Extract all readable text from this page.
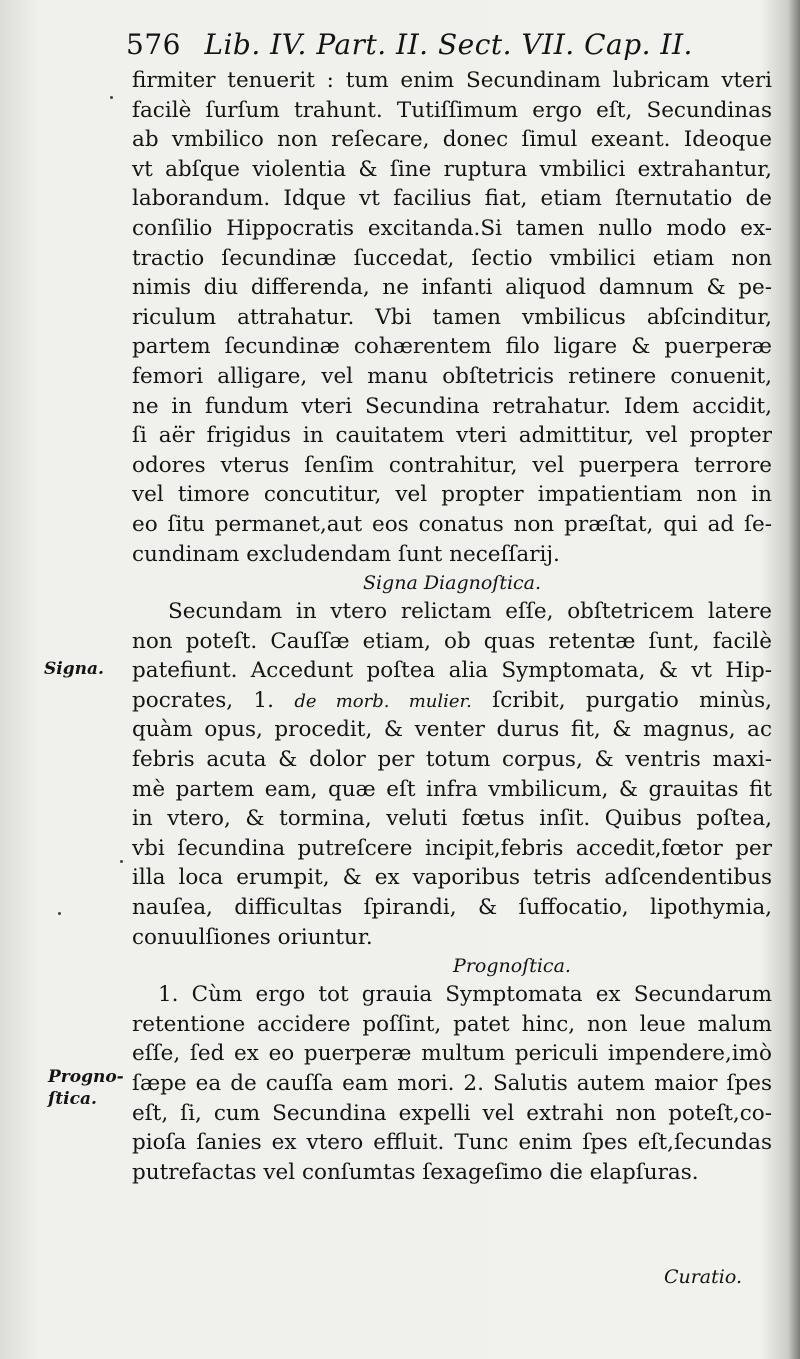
576 Lib. IV. Part. II. Sect. VII. Cap. II.
firmiter tenuerit : tum enim Secundinam lubricam vteri
facilè ſurſum trahunt. Tutiſſimum ergo eſt, Secundinas
ab vmbilico non reſecare, donec ſimul exeant. Ideoque
vt abſque violentia & ſine ruptura vmbilici extrahantur,
laborandum. Idque vt facilius fiat, etiam ſternutatio de
conſilio Hippocratis excitanda.Si tamen nullo modo ex-
tractio ſecundinæ ſuccedat, ſectio vmbilici etiam non
nimis diu differenda, ne infanti aliquod damnum & pe-
riculum attrahatur. Vbi tamen vmbilicus abſcinditur,
partem ſecundinæ cohærentem filo ligare & puerperæ
femori alligare, vel manu obſtetricis retinere conuenit,
ne in fundum vteri Secundina retrahatur. Idem accidit,
ſi aër frigidus in cauitatem vteri admittitur, vel propter
odores vterus ſenſim contrahitur, vel puerpera terrore
vel timore concutitur, vel propter impatientiam non in
eo ſitu permanet,aut eos conatus non præſtat, qui ad ſe-
cundinam excludendam ſunt neceſſarij.
Signa Diagnoſtica.
Secundam in vtero relictam eſſe, obſtetricem latere
non poteſt. Cauſſæ etiam, ob quas retentæ ſunt, facilè
patefiunt. Accedunt poſtea alia Symptomata, & vt Hip-
pocrates, 1. de morb. mulier. ſcribit, purgatio minùs,
quàm opus, procedit, & venter durus fit, & magnus, ac
febris acuta & dolor per totum corpus, & ventris maxi-
mè partem eam, quæ eſt infra vmbilicum, & grauitas fit
in vtero, & tormina, veluti fœtus inſit. Quibus poſtea,
vbi ſecundina putreſcere incipit,febris accedit,fœtor per
illa loca erumpit, & ex vaporibus tetris adſcendentibus
nauſea, difficultas ſpirandi, & ſuffocatio, lipothymia,
conuulſiones oriuntur.
Prognoſtica.
1. Cùm ergo tot grauia Symptomata ex Secundarum
retentione accidere poſſint, patet hinc, non leue malum
eſſe, ſed ex eo puerperæ multum periculi impendere,imò
ſæpe ea de cauſſa eam mori. 2. Salutis autem maior ſpes
eſt, ſi, cum Secundina expelli vel extrahi non poteſt,co-
pioſa ſanies ex vtero effluit. Tunc enim ſpes eſt,ſecundas
putrefactas vel conſumtas ſexageſimo die elapſuras.
Signa.
Progno-
ſtica.
Curatio.
